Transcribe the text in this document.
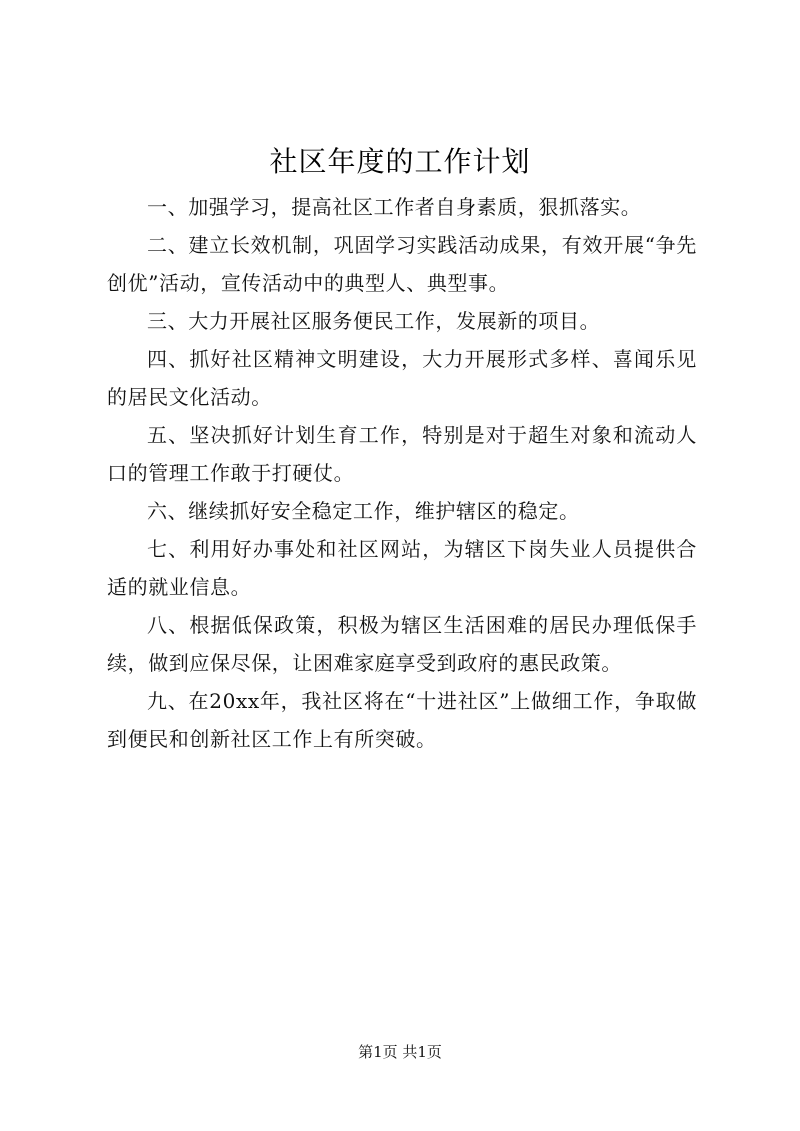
社区年度的工作计划

一、加强学习，提高社区工作者自身素质，狠抓落实。

二、建立长效机制，巩固学习实践活动成果，有效开展“争先创优”活动，宣传活动中的典型人、典型事。

三、大力开展社区服务便民工作，发展新的项目。

四、抓好社区精神文明建设，大力开展形式多样、喜闻乐见的居民文化活动。

五、坚决抓好计划生育工作，特别是对于超生对象和流动人口的管理工作敢于打硬仗。

六、继续抓好安全稳定工作，维护辖区的稳定。

七、利用好办事处和社区网站，为辖区下岗失业人员提供合适的就业信息。

八、根据低保政策，积极为辖区生活困难的居民办理低保手续，做到应保尽保，让困难家庭享受到政府的惠民政策。

九、在20xx年，我社区将在“十进社区”上做细工作，争取做到便民和创新社区工作上有所突破。

第1页 共1页
